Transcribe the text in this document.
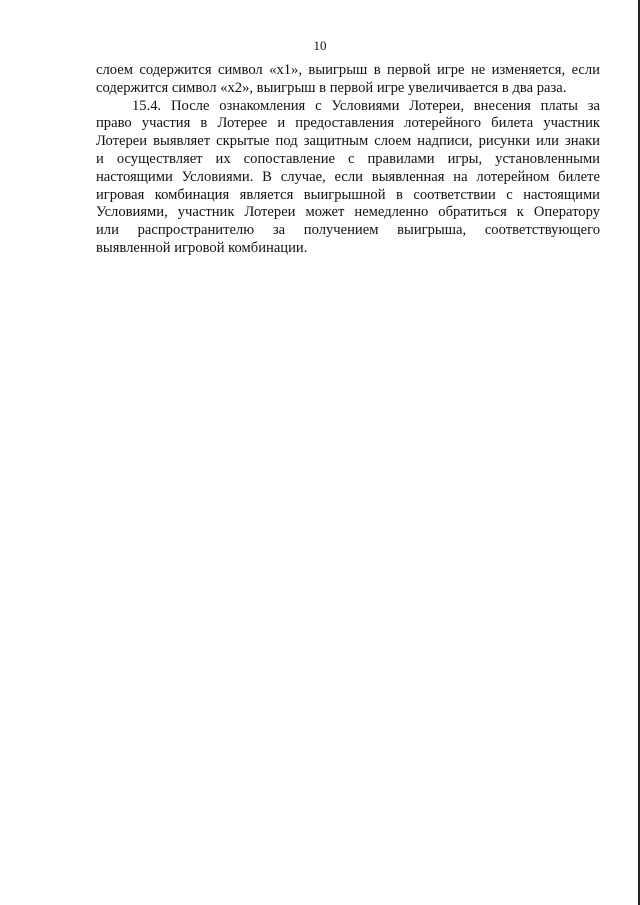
10

слоем содержится символ «х1», выигрыш в первой игре не изменяется, если
содержится символ «х2», выигрыш в первой игре увеличивается в два раза.

15.4. После ознакомления с Условиями Лотереи, внесения платы за
право участия в Лотерее и предоставления лотерейного билета участник
Лотереи выявляет скрытые под защитным слоем надписи, рисунки или знаки
и осуществляет их сопоставление с правилами игры, установленными
настоящими Условиями. В случае, если выявленная на лотерейном билете
игровая комбинация является выигрышной в соответствии с настоящими
Условиями, участник Лотереи может немедленно обратиться к Оператору
или распространителю за получением выигрыша, соответствующего
выявленной игровой комбинации.
